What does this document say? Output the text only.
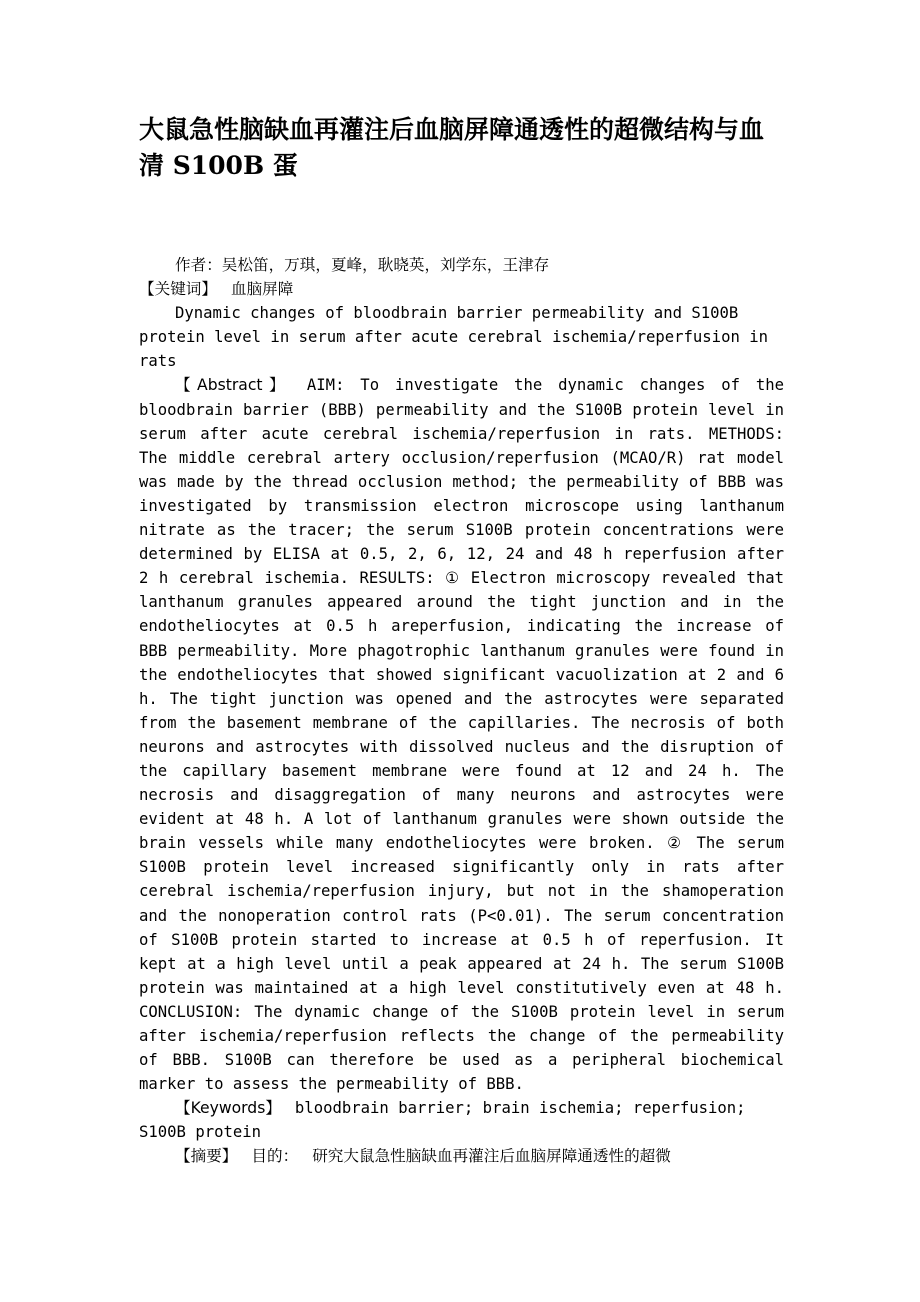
大鼠急性脑缺血再灌注后血脑屏障通透性的超微结构与血清 S100B 蛋

作者：吴松笛，万琪，夏峰，耿晓英，刘学东，王津存

【关键词】 血脑屏障

Dynamic changes of bloodbrain barrier permeability and S100B protein level in serum after acute cerebral ischemia/reperfusion in rats

【Abstract】 AIM: To investigate the dynamic changes of the bloodbrain barrier (BBB) permeability and the S100B protein level in serum after acute cerebral ischemia/reperfusion in rats. METHODS: The middle cerebral artery occlusion/reperfusion (MCAO/R) rat model was made by the thread occlusion method; the permeability of BBB was investigated by transmission electron microscope using lanthanum nitrate as the tracer; the serum S100B protein concentrations were determined by ELISA at 0.5, 2, 6, 12, 24 and 48 h reperfusion after 2 h cerebral ischemia. RESULTS: ① Electron microscopy revealed that lanthanum granules appeared around the tight junction and in the endotheliocytes at 0.5 h areperfusion, indicating the increase of BBB permeability. More phagotrophic lanthanum granules were found in the endotheliocytes that showed significant vacuolization at 2 and 6 h. The tight junction was opened and the astrocytes were separated from the basement membrane of the capillaries. The necrosis of both neurons and astrocytes with dissolved nucleus and the disruption of the capillary basement membrane were found at 12 and 24 h. The necrosis and disaggregation of many neurons and astrocytes were evident at 48 h. A lot of lanthanum granules were shown outside the brain vessels while many endotheliocytes were broken. ② The serum S100B protein level increased significantly only in rats after cerebral ischemia/reperfusion injury, but not in the shamoperation and the nonoperation control rats (P<0.01). The serum concentration of S100B protein started to increase at 0.5 h of reperfusion. It kept at a high level until a peak appeared at 24 h. The serum S100B protein was maintained at a high level constitutively even at 48 h. CONCLUSION: The dynamic change of the S100B protein level in serum after ischemia/reperfusion reflects the change of the permeability of BBB. S100B can therefore be used as a peripheral biochemical marker to assess the permeability of BBB.

【Keywords】 bloodbrain barrier; brain ischemia; reperfusion; S100B protein

【摘要】 目的： 研究大鼠急性脑缺血再灌注后血脑屏障通透性的超微
